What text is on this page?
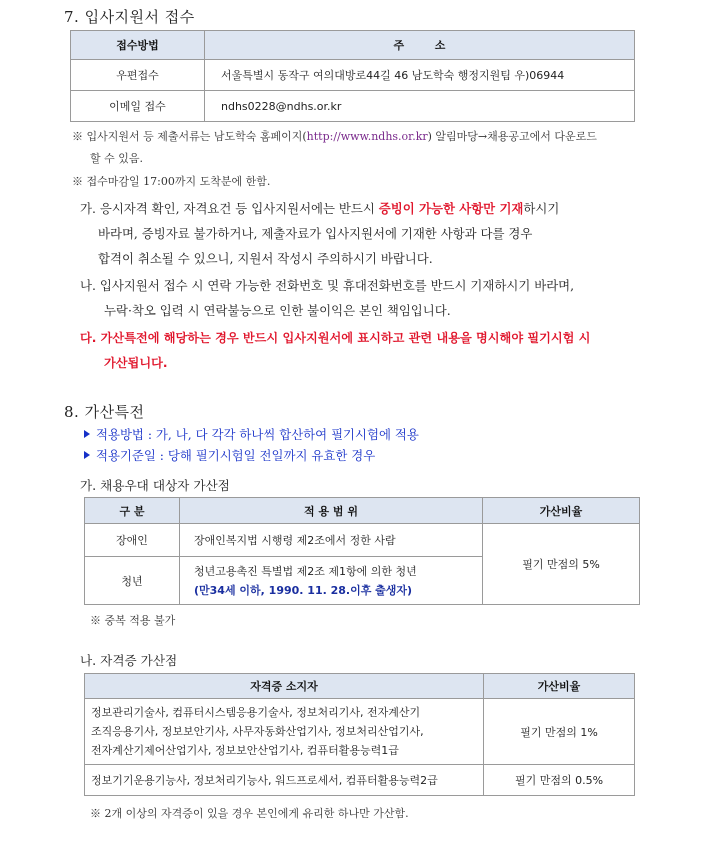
7. 입사지원서 접수
접수방법	주        소
우편접수	서울특별시 동작구 여의대방로44길 46 남도학숙 행정지원팀 우)06944
이메일 접수	ndhs0228@ndhs.or.kr
※ 입사지원서 등 제출서류는 남도학숙 홈페이지(http://www.ndhs.or.kr) 알림마당→채용공고에서 다운로드
할 수 있음.
※ 접수마감일 17:00까지 도착분에 한함.
가. 응시자격 확인, 자격요건 등 입사지원서에는 반드시 증빙이 가능한 사항만 기재하시기
바라며, 증빙자료 불가하거나, 제출자료가 입사지원서에 기재한 사항과 다를 경우
합격이 취소될 수 있으니, 지원서 작성시 주의하시기 바랍니다.
나. 입사지원서 접수 시 연락 가능한 전화번호 및 휴대전화번호를 반드시 기재하시기 바라며,
누락·착오 입력 시 연락불능으로 인한 불이익은 본인 책임입니다.
다. 가산특전에 해당하는 경우 반드시 입사지원서에 표시하고 관련 내용을 명시해야 필기시험 시
가산됩니다.
8. 가산특전
적용방법 : 가, 나, 다 각각 하나씩 합산하여 필기시험에 적용
적용기준일 : 당해 필기시험일 전일까지 유효한 경우
가. 채용우대 대상자 가산점
구 분	적 용 범 위	가산비율
장애인	장애인복지법 시행령 제2조에서 정한 사람	필기 만점의 5%
청년	청년고용촉진 특별법 제2조 제1항에 의한 청년
(만34세 이하, 1990. 11. 28.이후 출생자)	
※ 중복 적용 불가
나. 자격증 가산점
자격증 소지자	가산비율

정보관리기술사, 컴퓨터시스템응용기술사, 정보처리기사, 전자계산기
조직응용기사, 정보보안기사, 사무자동화산업기사, 정보처리산업기사,
전자계산기제어산업기사, 정보보안산업기사, 컴퓨터활용능력1급	필기 만점의 1%
정보기기운용기능사, 정보처리기능사, 워드프로세서, 컴퓨터활용능력2급	필기 만점의 0.5%
※ 2개 이상의 자격증이 있을 경우 본인에게 유리한 하나만 가산함.
